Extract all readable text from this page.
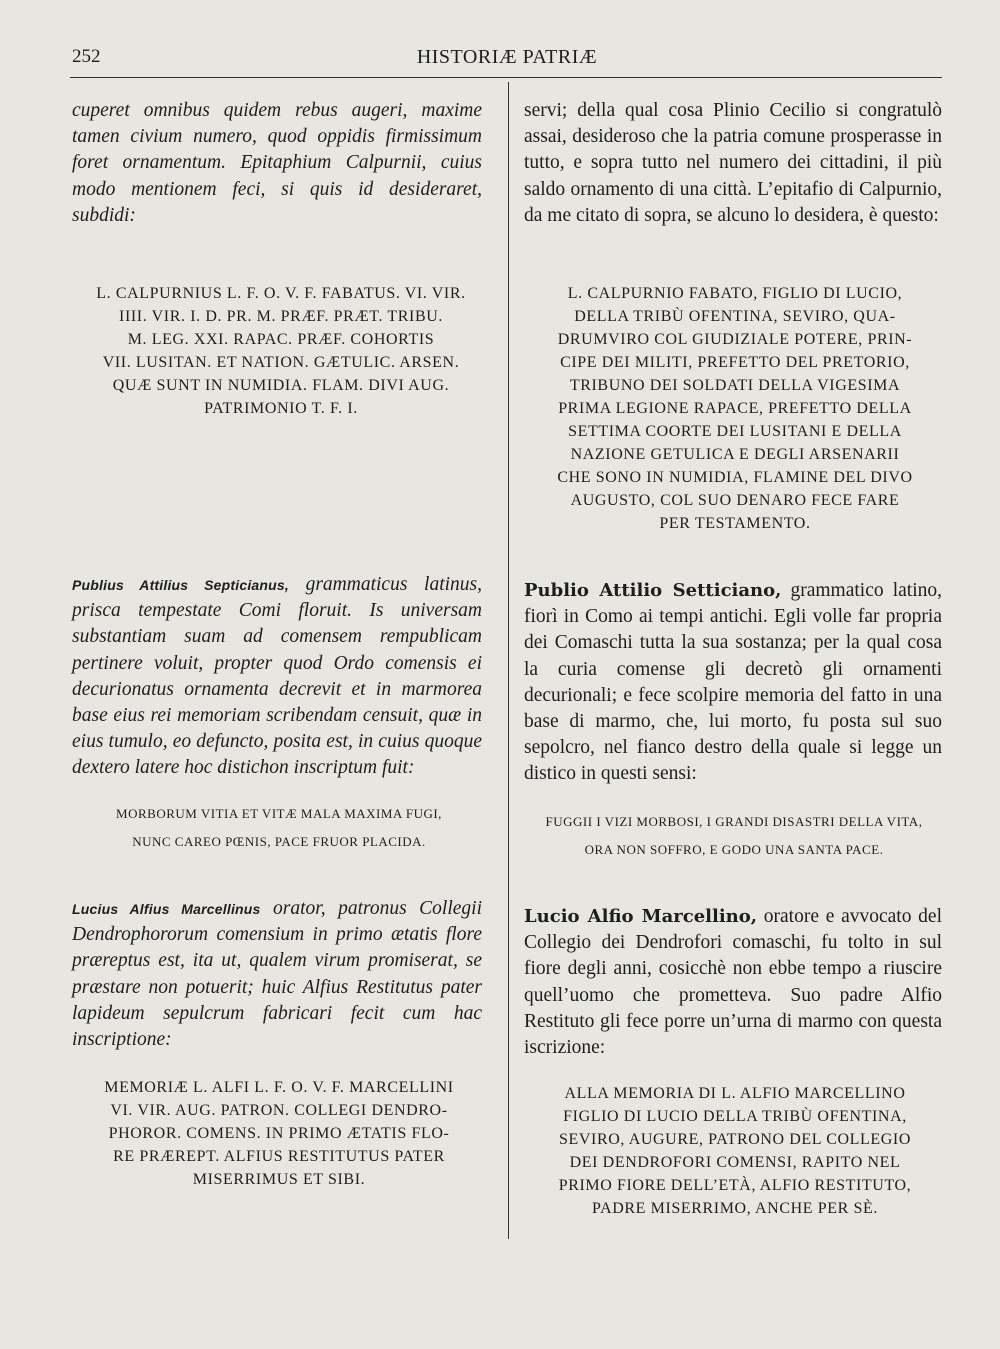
252	HISTORIÆ PATRIÆ

cuperet omnibus quidem rebus augeri, maxime tamen civium numero, quod oppidis firmissimum foret ornamentum. Epitaphium Calpurnii, cuius modo mentionem feci, si quis id desideraret, subdidi:

L. CALPURNIUS L. F. O. V. F. FABATUS. VI. VIR.

IIII. VIR. I. D. PR. M. PRÆF. PRÆT. TRIBU.

M. LEG. XXI. RAPAC. PRÆF. COHORTIS

VII. LUSITAN. ET NATION. GÆTULIC. ARSEN.

QUÆ SUNT IN NUMIDIA. FLAM. DIVI AUG.

PATRIMONIO T. F. I.

Publius Attilius Septicianus, grammaticus latinus, prisca tempestate Comi floruit. Is universam substantiam suam ad comensem rempublicam pertinere voluit, propter quod Ordo comensis ei decurionatus ornamenta decrevit et in marmorea base eius rei memoriam scribendam censuit, quæ in eius tumulo, eo defuncto, posita est, in cuius quoque dextero latere hoc distichon inscriptum fuit:

MORBORUM VITIA ET VITÆ MALA MAXIMA FUGI,

NUNC CAREO PŒNIS, PACE FRUOR PLACIDA.

Lucius Alfius Marcellinus orator, patronus Collegii Dendrophororum comensium in primo ætatis flore præreptus est, ita ut, qualem virum promiserat, se præstare non potuerit; huic Alfius Restitutus pater lapideum sepulcrum fabricari fecit cum hac inscriptione:

MEMORIÆ L. ALFI L. F. O. V. F. MARCELLINI

VI. VIR. AUG. PATRON. COLLEGI DENDRO-

PHOROR. COMENS. IN PRIMO ÆTATIS FLO-

RE PRÆREPT. ALFIUS RESTITUTUS PATER

MISERRIMUS ET SIBI.

servi; della qual cosa Plinio Cecilio si congratulò assai, desideroso che la patria comune prosperasse in tutto, e sopra tutto nel numero dei cittadini, il più saldo ornamento di una città. L’epitafio di Calpurnio, da me citato di sopra, se alcuno lo desidera, è questo:

L. CALPURNIO FABATO, FIGLIO DI LUCIO,

DELLA TRIBÙ OFENTINA, SEVIRO, QUA-

DRUMVIRO COL GIUDIZIALE POTERE, PRIN-

CIPE DEI MILITI, PREFETTO DEL PRETORIO,

TRIBUNO DEI SOLDATI DELLA VIGESIMA

PRIMA LEGIONE RAPACE, PREFETTO DELLA

SETTIMA COORTE DEI LUSITANI E DELLA

NAZIONE GETULICA E DEGLI ARSENARII

CHE SONO IN NUMIDIA, FLAMINE DEL DIVO

AUGUSTO, COL SUO DENARO FECE FARE

PER TESTAMENTO.

Publio Attilio Setticiano, grammatico latino, fiorì in Como ai tempi antichi. Egli volle far propria dei Comaschi tutta la sua sostanza; per la qual cosa la curia comense gli decretò gli ornamenti decurionali; e fece scolpire memoria del fatto in una base di marmo, che, lui morto, fu posta sul suo sepolcro, nel fianco destro della quale si legge un distico in questi sensi:

FUGGII I VIZI MORBOSI, I GRANDI DISASTRI DELLA VITA,

ORA NON SOFFRO, E GODO UNA SANTA PACE.

Lucio Alfio Marcellino, oratore e avvocato del Collegio dei Dendrofori comaschi, fu tolto in sul fiore degli anni, cosicchè non ebbe tempo a riuscire quell’uomo che prometteva. Suo padre Alfio Restituto gli fece porre un’urna di marmo con questa iscrizione:

ALLA MEMORIA DI L. ALFIO MARCELLINO

FIGLIO DI LUCIO DELLA TRIBÙ OFENTINA,

SEVIRO, AUGURE, PATRONO DEL COLLEGIO

DEI DENDROFORI COMENSI, RAPITO NEL

PRIMO FIORE DELL’ETÀ, ALFIO RESTITUTO,

PADRE MISERRIMO, ANCHE PER SÈ.
